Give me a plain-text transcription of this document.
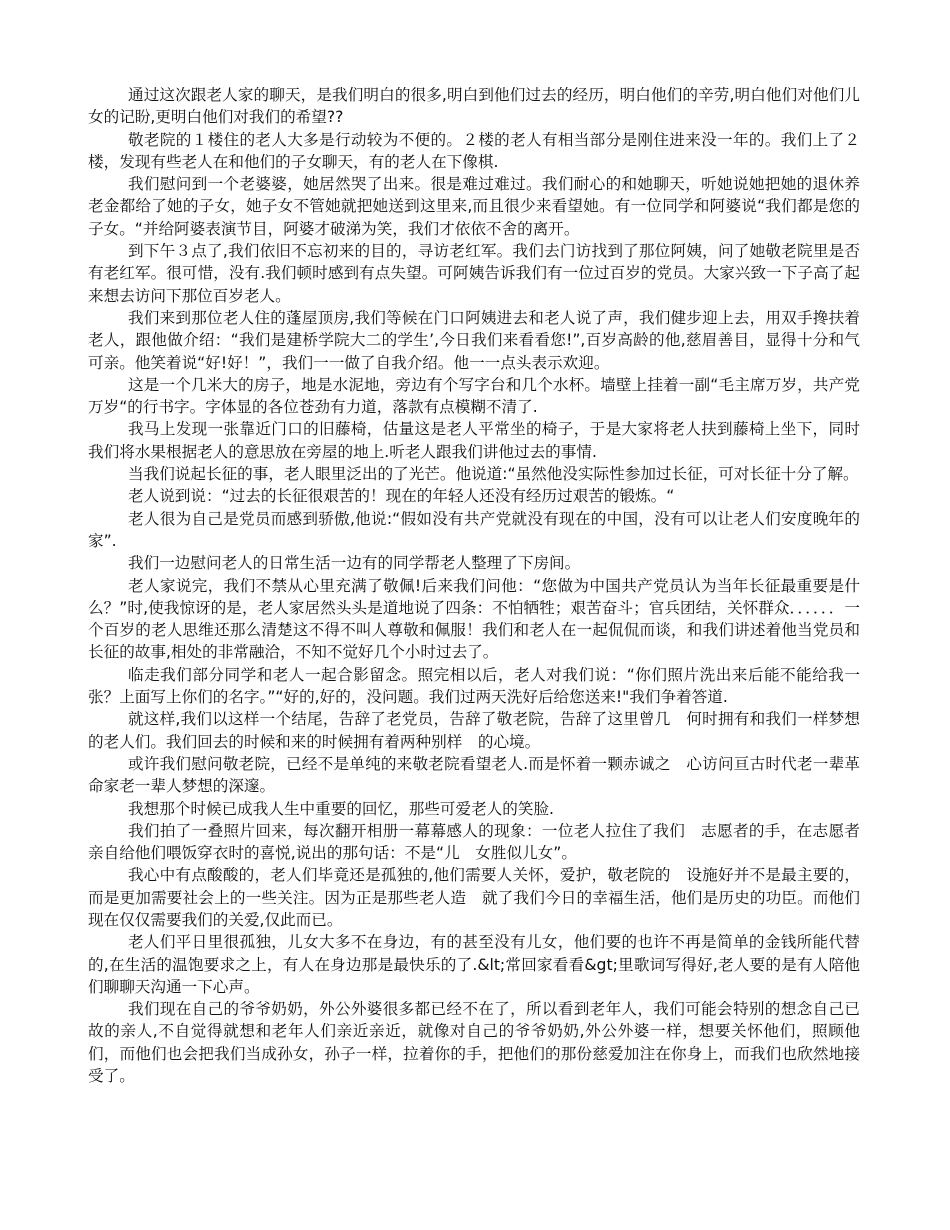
通过这次跟老人家的聊天，是我们明白的很多,明白到他们过去的经历，明白他们的辛劳,明白他们对他们儿女的记盼,更明白他们对我们的希望??

敬老院的１楼住的老人大多是行动较为不便的。２楼的老人有相当部分是刚住进来没一年的。我们上了２楼，发现有些老人在和他们的子女聊天，有的老人在下像棋.

我们慰问到一个老婆婆，她居然哭了出来。很是难过难过。我们耐心的和她聊天，听她说她把她的退休养老金都给了她的子女，她子女不管她就把她送到这里来,而且很少来看望她。有一位同学和阿婆说“我们都是您的子女。“并给阿婆表演节目，阿婆才破涕为笑，我们才依依不舍的离开。

到下午３点了,我们依旧不忘初来的目的，寻访老红军。我们去门访找到了那位阿姨，问了她敬老院里是否有老红军。很可惜，没有.我们顿时感到有点失望。可阿姨告诉我们有一位过百岁的党员。大家兴致一下子高了起来想去访问下那位百岁老人。

我们来到那位老人住的蓬屋顶房,我们等候在门口阿姨进去和老人说了声，我们健步迎上去，用双手搀扶着老人，跟他做介绍：“我们是建桥学院大二的学生’,今日我们来看看您!”,百岁高龄的他,慈眉善目，显得十分和气可亲。他笑着说“好!好！”，我们一一做了自我介绍。他一一点头表示欢迎。

这是一个几米大的房子，地是水泥地，旁边有个写字台和几个水杯。墙壁上挂着一副“毛主席万岁，共产党万岁“的行书字。字体显的各位苍劲有力道，落款有点模糊不清了.

我马上发现一张靠近门口的旧藤椅，估量这是老人平常坐的椅子，于是大家将老人扶到藤椅上坐下，同时我们将水果根据老人的意思放在旁屋的地上.听老人跟我们讲他过去的事情.

当我们说起长征的事，老人眼里泛出的了光芒。他说道:“虽然他没实际性参加过长征，可对长征十分了解。

老人说到说：“过去的长征很艰苦的！现在的年轻人还没有经历过艰苦的锻炼。“

老人很为自己是党员而感到骄傲,他说:“假如没有共产党就没有现在的中国，没有可以让老人们安度晚年的家”.

我们一边慰问老人的日常生活一边有的同学帮老人整理了下房间。

老人家说完，我们不禁从心里充满了敬佩!后来我们问他：“您做为中国共产党员认为当年长征最重要是什么？”时,使我惊讶的是，老人家居然头头是道地说了四条：不怕牺牲；艰苦奋斗；官兵团结，关怀群众．．．．．．一个百岁的老人思维还那么清楚这不得不叫人尊敬和佩服！我们和老人在一起侃侃而谈，和我们讲述着他当党员和长征的故事,相处的非常融洽，不知不觉好几个小时过去了。

临走我们部分同学和老人一起合影留念。照完相以后，老人对我们说：“你们照片洗出来后能不能给我一张？上面写上你们的名字。”“好的,好的，没问题。我们过两天洗好后给您送来!"我们争着答道.

就这样,我们以这样一个结尾，告辞了老党员，告辞了敬老院，告辞了这里曾几　何时拥有和我们一样梦想的老人们。我们回去的时候和来的时候拥有着两种别样　的心境。

或许我们慰问敬老院，已经不是单纯的来敬老院看望老人.而是怀着一颗赤诚之　心访问亘古时代老一辈革命家老一辈人梦想的深邃。

我想那个时候已成我人生中重要的回忆，那些可爱老人的笑脸.

我们拍了一叠照片回来，每次翻开相册一幕幕感人的现象：一位老人拉住了我们　志愿者的手，在志愿者亲自给他们喂饭穿衣时的喜悦,说出的那句话：不是“儿　女胜似儿女”。

我心中有点酸酸的，老人们毕竟还是孤独的,他们需要人关怀，爱护，敬老院的　设施好并不是最主要的，而是更加需要社会上的一些关注。因为正是那些老人造　就了我们今日的幸福生活，他们是历史的功臣。而他们现在仅仅需要我们的关爱,仅此而已。

老人们平日里很孤独，儿女大多不在身边，有的甚至没有儿女，他们要的也许不再是简单的金钱所能代替的,在生活的温饱要求之上，有人在身边那是最快乐的了.&lt;常回家看看&gt;里歌词写得好,老人要的是有人陪他们聊聊天沟通一下心声。

我们现在自己的爷爷奶奶，外公外婆很多都已经不在了，所以看到老年人，我们可能会特别的想念自己已故的亲人,不自觉得就想和老年人们亲近亲近，就像对自己的爷爷奶奶,外公外婆一样，想要关怀他们，照顾他们，而他们也会把我们当成孙女，孙子一样，拉着你的手，把他们的那份慈爱加注在你身上，而我们也欣然地接受了。
